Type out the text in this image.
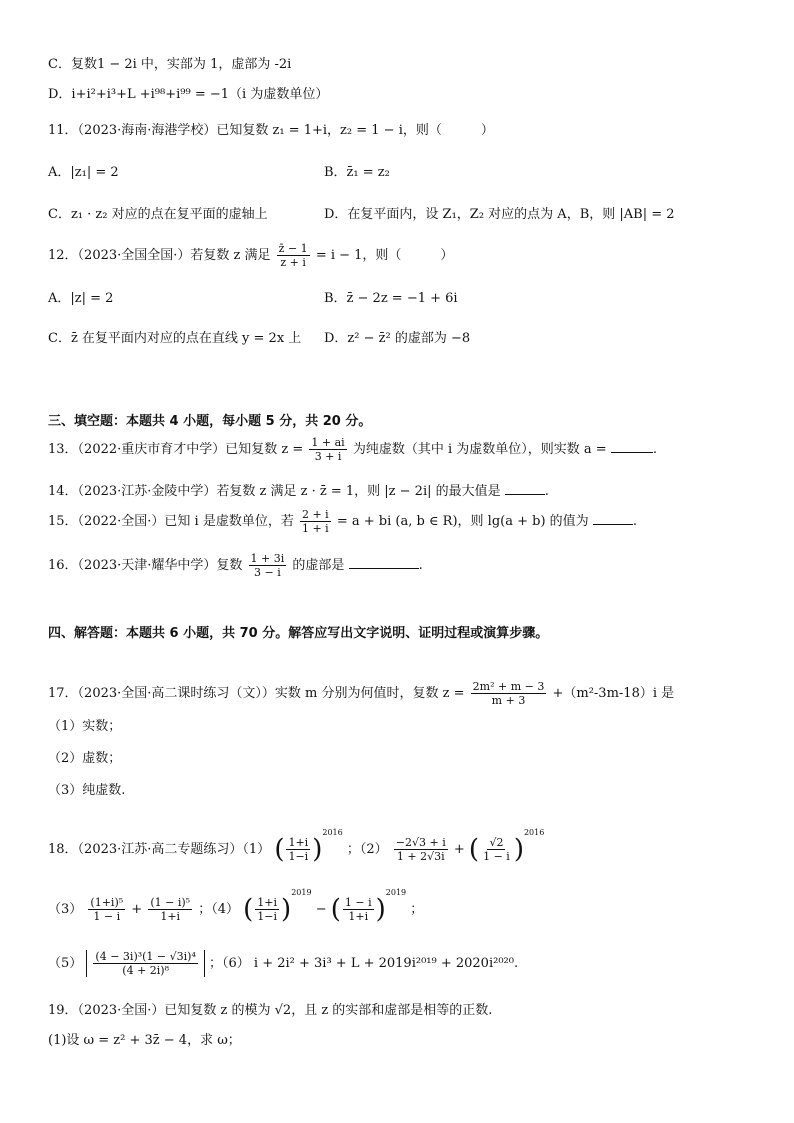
C．复数1 − 2i 中，实部为 1，虚部为 -2i
D．i+i²+i³+L +i⁹⁸+i⁹⁹ = −1（i 为虚数单位）
11．（2023·海南·海港学校）已知复数 z₁ = 1+i，z₂ = 1 − i，则（　　　）
A．|z₁| = 2	B．z̄₁ = z₂
C．z₁ · z₂ 对应的点在复平面的虚轴上	D．在复平面内，设 Z₁，Z₂ 对应的点为 A，B，则 |AB| = 2
12．（2023·全国全国·）若复数 z 满足 $\frac{z̄ - 1}{z + i} = i - 1$，则（　　　）
A．|z| = 2	B．z̄ − 2z = −1 + 6i
C．z̄ 在复平面内对应的点在直线 y = 2x 上 D．z² − z̄² 的虚部为 −8
三、填空题：本题共 4 小题，每小题 5 分，共 20 分。
13．（2022·重庆市育才中学）已知复数 $z = \frac{1 + ai}{3 + i}$ 为纯虚数（其中 i 为虚数单位），则实数 a =	.
14．（2023·江苏·金陵中学）若复数 z 满足 z · z̄ = 1，则 |z − 2i| 的最大值是	.
15．（2022·全国·）已知 i 是虚数单位，若 $\frac{2 + i}{1 + i} = a$ + bi (a, b ∈ R)，则 lg(a + b) 的值为	.
16．（2023·天津·耀华中学）复数 $\frac{1 + 3i}{3 - i}$ 的虚部是	.
四、解答题：本题共 6 小题，共 70 分。解答应写出文字说明、证明过程或演算步骤。
17．（2023·全国·高二课时练习（文））实数 m 分别为何值时，复数 $z = \frac{\text{2m² + m − 3}}{m + 3} +(m^2-3m-18)i$ 是
（1）实数；
（2）虚数；
（3）纯虚数.
18．（2023·江苏·高二专题练习）（1） ( $\frac{1+i}{1-i} )^{2016}$ ；$(2) \frac{-2√3 + i}{1 + 2√3i}$ + ( $\frac{√2}{1 - i} )^{2016}$
$(3) \frac{\text{(1+i)⁵}}{1 - i} + \frac{\text{(1 − i)⁵}}{1+i}$ ；（4） ( $\frac{1+i}{1-i} )^{2019}$ − ( $\frac{1 - i}{1+i} )^{2019}$ ；
$(5) \frac{\text{(4 − 3i)³(1 − √3i)⁴}}{\text{(4 + 2i)⁸}}$ ；（6） i + 2i² + 3i³ + L + 2019i²⁰¹⁹ + 2020i²⁰²⁰.
19．（2023·全国·）已知复数 z 的模为 √2，且 z 的实部和虚部是相等的正数.
(1)设 ω = z² + 3z̄ − 4，求 ω；
